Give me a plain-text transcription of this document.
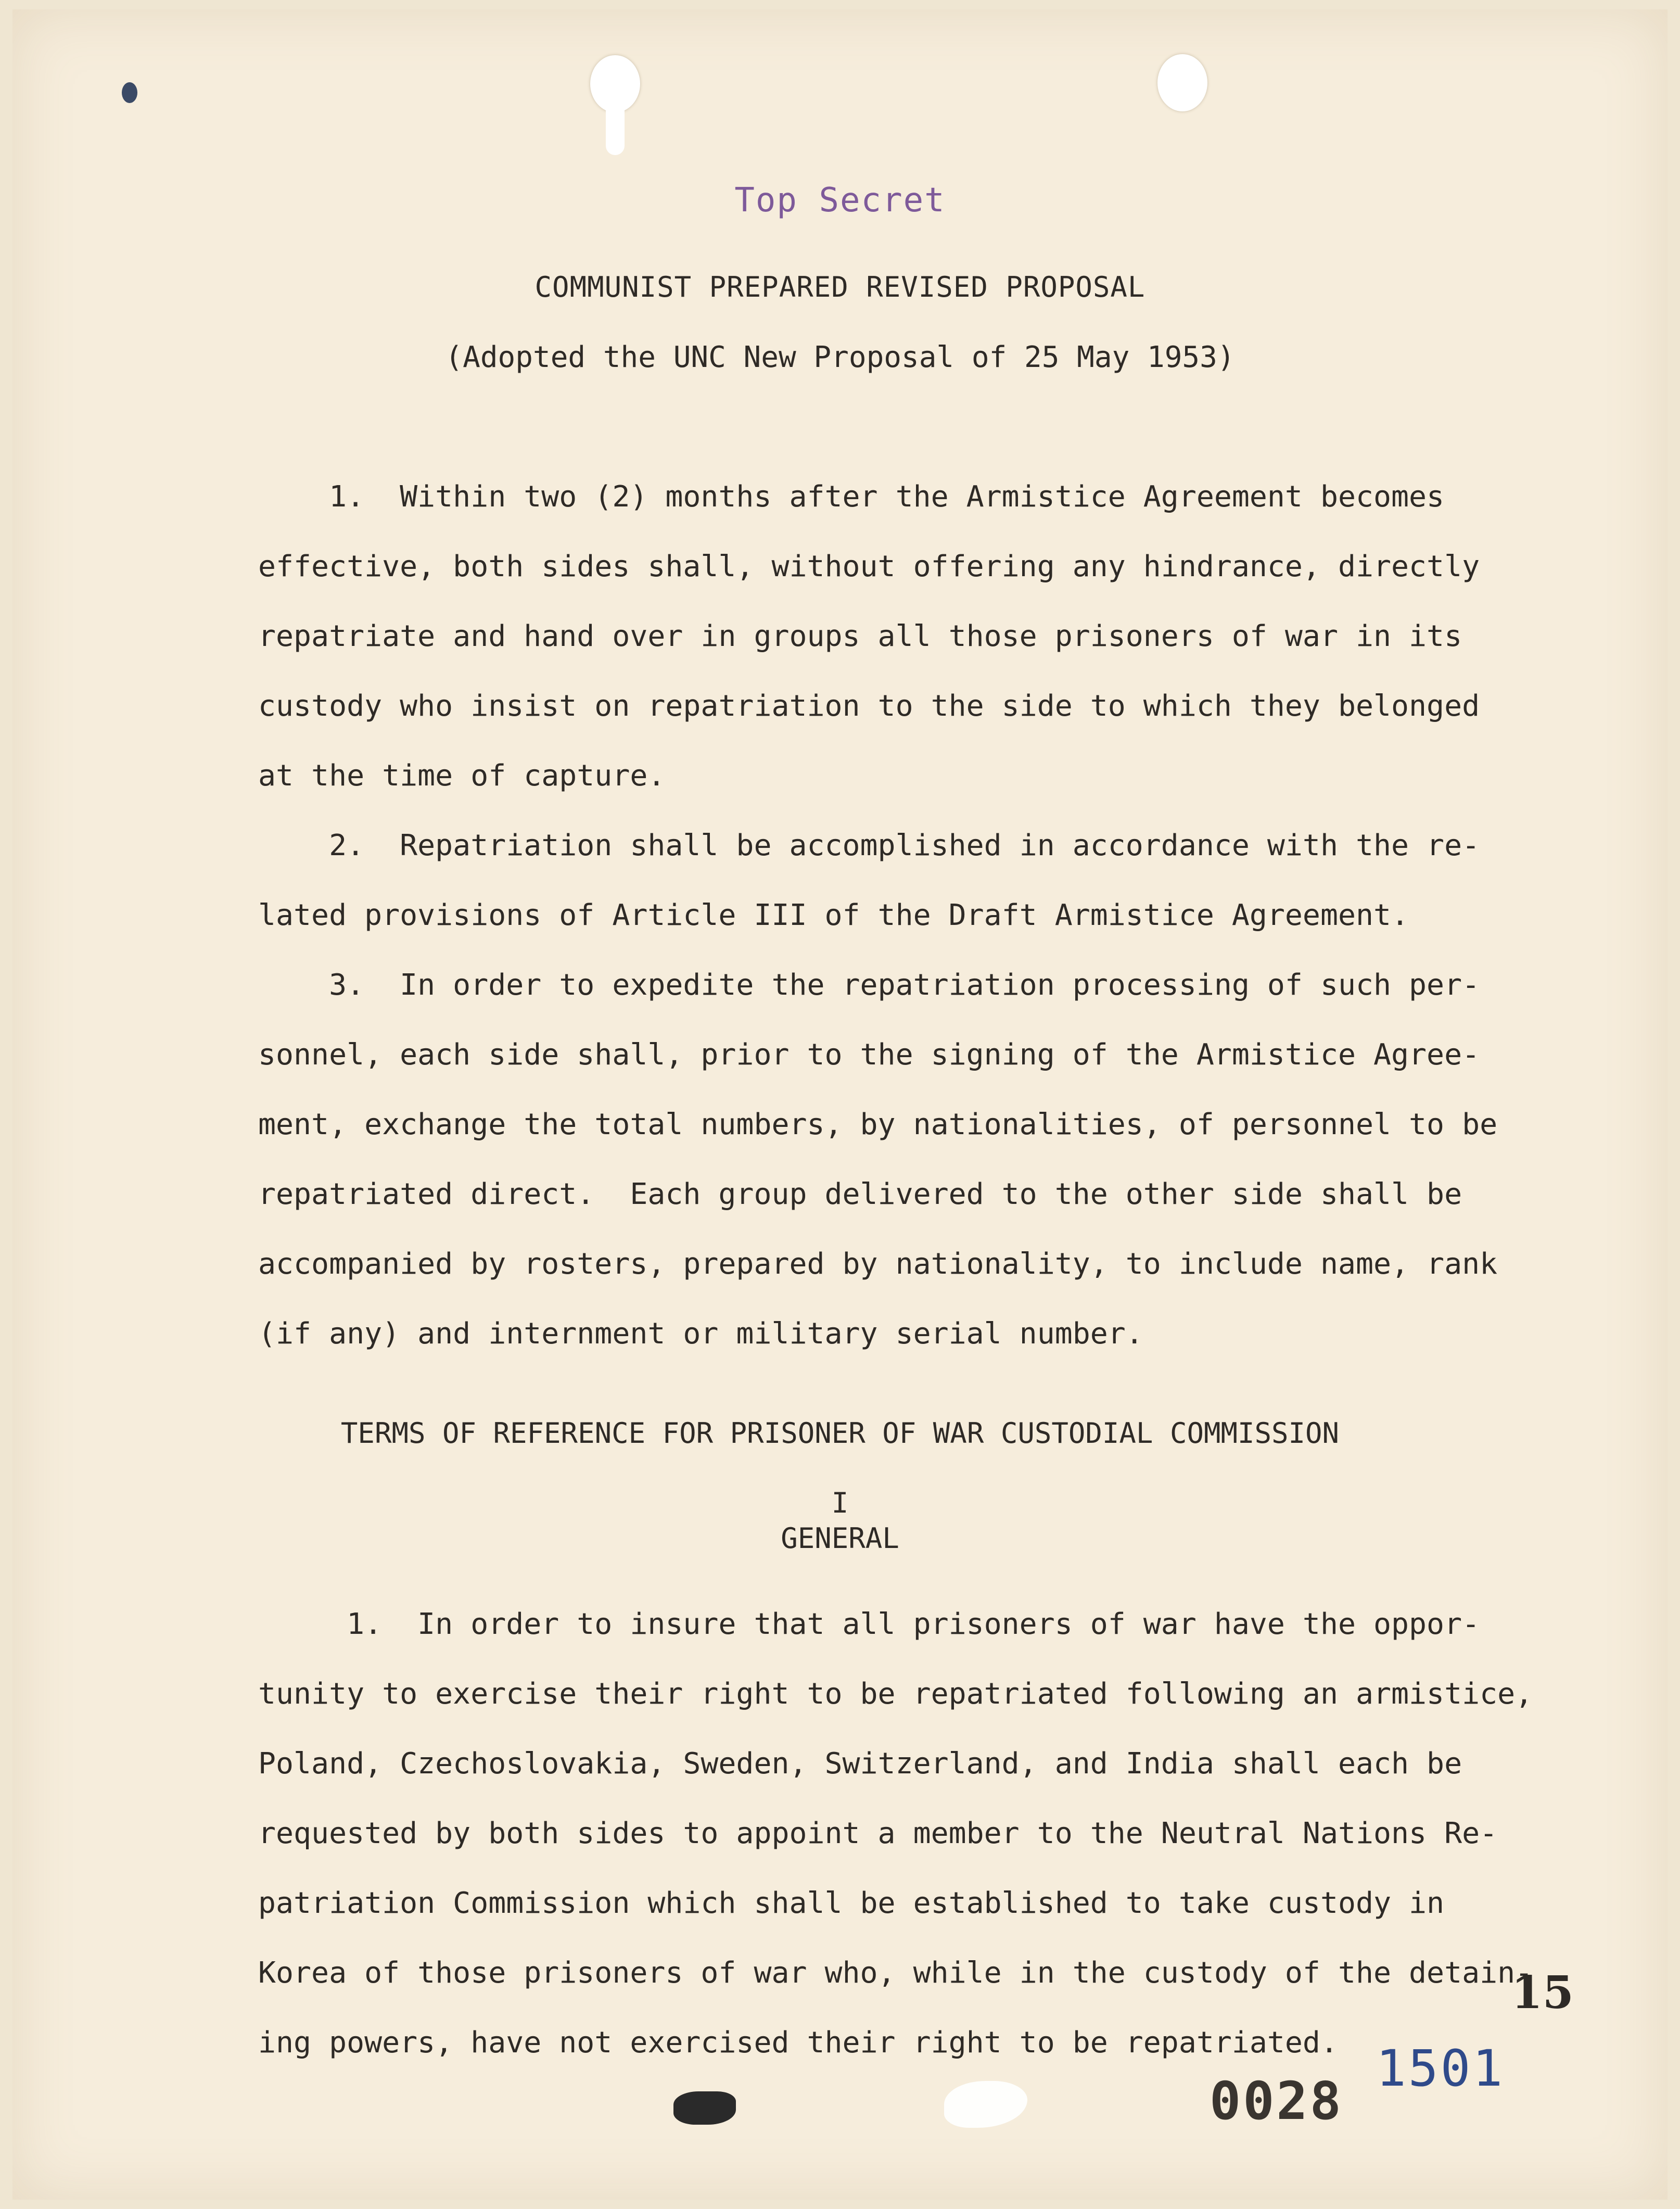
Top Secret
COMMUNIST PREPARED REVISED PROPOSAL
(Adopted the UNC New Proposal of 25 May 1953)
1.  Within two (2) months after the Armistice Agreement becomes
effective, both sides shall, without offering any hindrance, directly
repatriate and hand over in groups all those prisoners of war in its
custody who insist on repatriation to the side to which they belonged
at the time of capture.
2.  Repatriation shall be accomplished in accordance with the re-
lated provisions of Article III of the Draft Armistice Agreement.
3.  In order to expedite the repatriation processing of such per-
sonnel, each side shall, prior to the signing of the Armistice Agree-
ment, exchange the total numbers, by nationalities, of personnel to be
repatriated direct.  Each group delivered to the other side shall be
accompanied by rosters, prepared by nationality, to include name, rank
(if any) and internment or military serial number.
TERMS OF REFERENCE FOR PRISONER OF WAR CUSTODIAL COMMISSION
I
GENERAL
1.  In order to insure that all prisoners of war have the oppor-
tunity to exercise their right to be repatriated following an armistice,
Poland, Czechoslovakia, Sweden, Switzerland, and India shall each be
requested by both sides to appoint a member to the Neutral Nations Re-
patriation Commission which shall be established to take custody in
Korea of those prisoners of war who, while in the custody of the detain-
ing powers, have not exercised their right to be repatriated.
15
1501
0028
